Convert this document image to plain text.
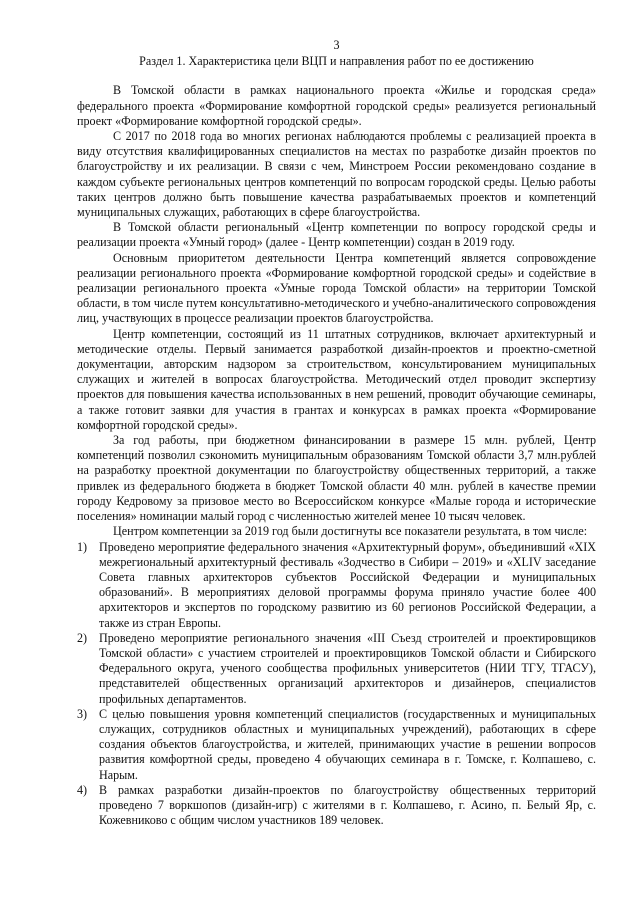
3
Раздел 1. Характеристика цели ВЦП и направления работ по ее достижению

В Томской области в рамках национального проекта «Жилье и городская среда» федерального проекта «Формирование комфортной городской среды» реализуется региональный проект «Формирование комфортной городской среды».

С 2017 по 2018 года во многих регионах наблюдаются проблемы с реализацией проекта в виду отсутствия квалифицированных специалистов на местах по разработке дизайн проектов по благоустройству и их реализации. В связи с чем, Минстроем России рекомендовано создание в каждом субъекте региональных центров компетенций по вопросам городской среды. Целью работы таких центров должно быть повышение качества разрабатываемых проектов и компетенций муниципальных служащих, работающих в сфере благоустройства.

В Томской области региональный «Центр компетенции по вопросу городской среды и реализации проекта «Умный город» (далее - Центр компетенции) создан в 2019 году.

Основным приоритетом деятельности Центра компетенций является сопровождение реализации регионального проекта «Формирование комфортной городской среды» и содействие в реализации регионального проекта «Умные города Томской области» на территории Томской области, в том числе путем консультативно-методического и учебно-аналитического сопровождения лиц, участвующих в процессе реализации проектов благоустройства.

Центр компетенции, состоящий из 11 штатных сотрудников, включает архитектурный и методические отделы. Первый занимается разработкой дизайн-проектов и проектно-сметной документации, авторским надзором за строительством, консультированием муниципальных служащих и жителей в вопросах благоустройства. Методический отдел проводит экспертизу проектов для повышения качества использованных в нем решений, проводит обучающие семинары, а также готовит заявки для участия в грантах и конкурсах в рамках проекта «Формирование комфортной городской среды».

За год работы, при бюджетном финансировании в размере 15 млн. рублей, Центр компетенций позволил сэкономить муниципальным образованиям Томской области 3,7 млн.рублей на разработку проектной документации по благоустройству общественных территорий, а также привлек из федерального бюджета в бюджет Томской области 40 млн. рублей в качестве премии городу Кедровому за призовое место во Всероссийском конкурсе «Малые города и исторические поселения» номинации малый город с численностью жителей менее 10 тысяч человек.

Центром компетенции за 2019 год были достигнуты все показатели результата, в том числе:

1) Проведено мероприятие федерального значения «Архитектурный форум», объединивший «XIX межрегиональный архитектурный фестиваль «Зодчество в Сибири – 2019» и «XLIV заседание Совета главных архитекторов субъектов Российской Федерации и муниципальных образований». В мероприятиях деловой программы форума приняло участие более 400 архитекторов и экспертов по городскому развитию из 60 регионов Российской Федерации, а также из стран Европы.
2) Проведено мероприятие регионального значения «III Съезд строителей и проектировщиков Томской области» с участием строителей и проектировщиков Томской области и Сибирского Федерального округа, ученого сообщества профильных университетов (НИИ ТГУ, ТГАСУ), представителей общественных организаций архитекторов и дизайнеров, специалистов профильных департаментов.
3) С целью повышения уровня компетенций специалистов (государственных и муниципальных служащих, сотрудников областных и муниципальных учреждений), работающих в сфере создания объектов благоустройства, и жителей, принимающих участие в решении вопросов развития комфортной среды, проведено 4 обучающих семинара в г. Томске, г. Колпашево, с. Нарым.
4) В рамках разработки дизайн-проектов по благоустройству общественных территорий проведено 7 воркшопов (дизайн-игр) с жителями в г. Колпашево, г. Асино, п. Белый Яр, с. Кожевниково с общим числом участников 189 человек.
